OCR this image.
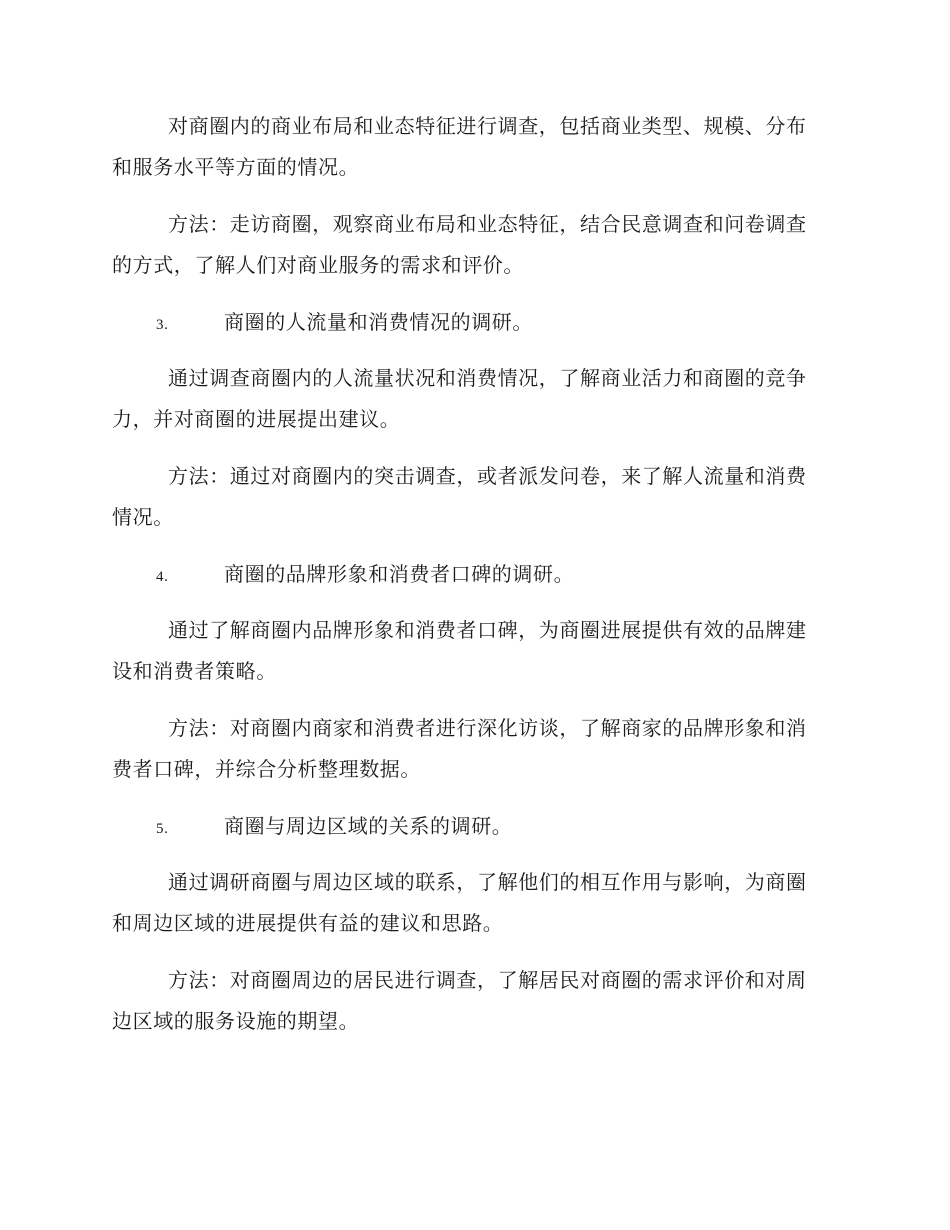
对商圈内的商业布局和业态特征进行调查，包括商业类型、规模、分布和服务水平等方面的情况。

方法：走访商圈，观察商业布局和业态特征，结合民意调查和问卷调查的方式，了解人们对商业服务的需求和评价。

3.	商圈的人流量和消费情况的调研。

通过调查商圈内的人流量状况和消费情况，了解商业活力和商圈的竞争力，并对商圈的进展提出建议。

方法：通过对商圈内的突击调查，或者派发问卷，来了解人流量和消费情况。

4.	商圈的品牌形象和消费者口碑的调研。

通过了解商圈内品牌形象和消费者口碑，为商圈进展提供有效的品牌建设和消费者策略。

方法：对商圈内商家和消费者进行深化访谈，了解商家的品牌形象和消费者口碑，并综合分析整理数据。

5.	商圈与周边区域的关系的调研。

通过调研商圈与周边区域的联系，了解他们的相互作用与影响，为商圈和周边区域的进展提供有益的建议和思路。

方法：对商圈周边的居民进行调查，了解居民对商圈的需求评价和对周边区域的服务设施的期望。
